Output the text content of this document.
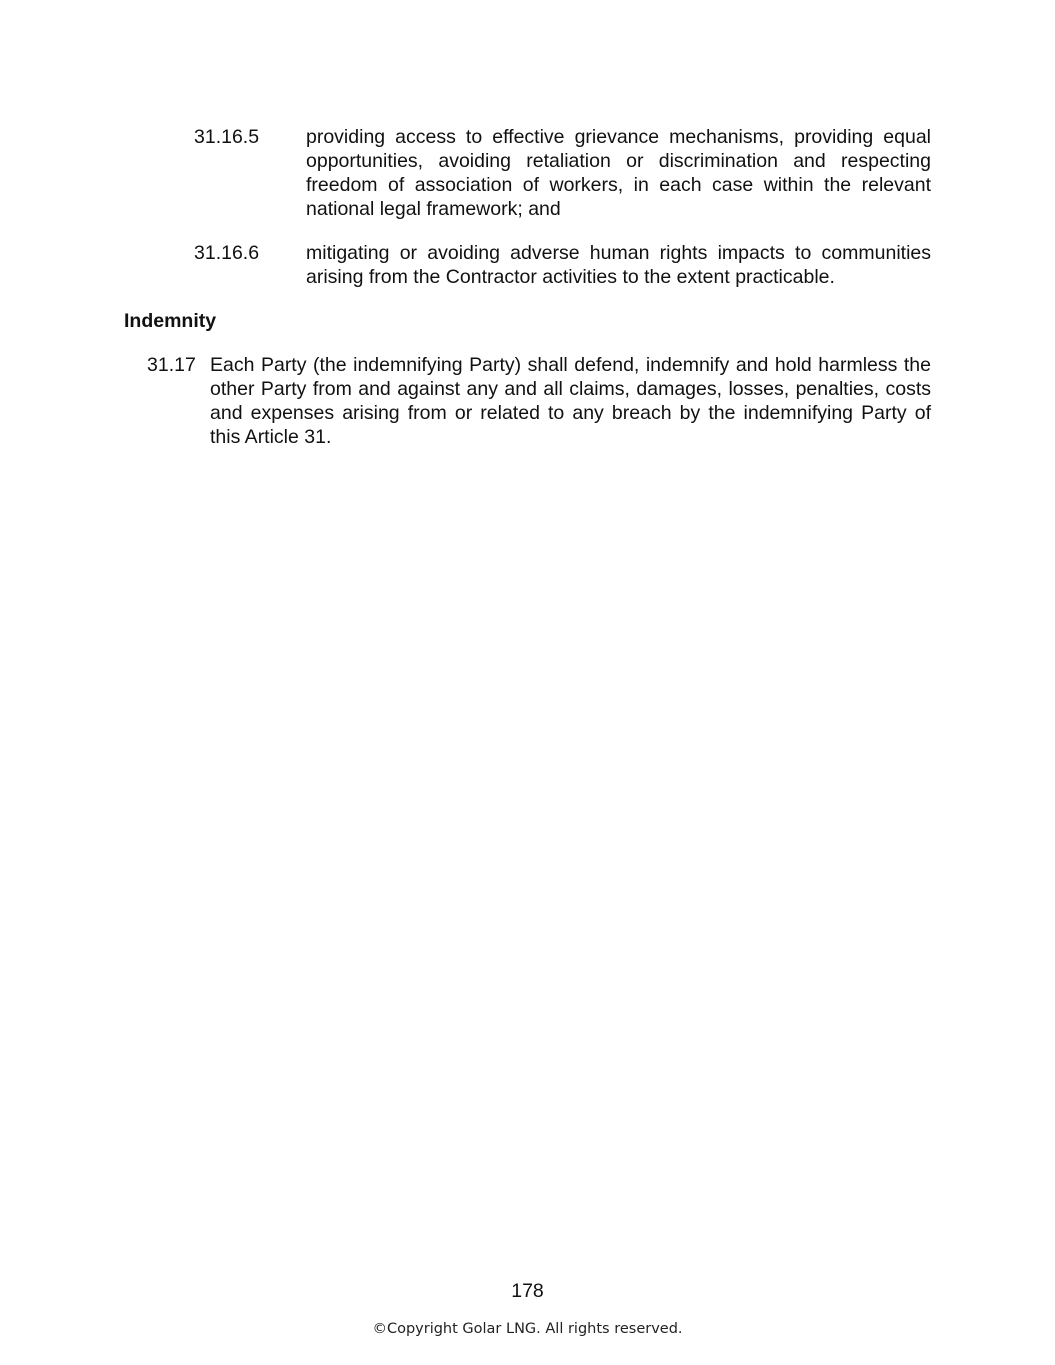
31.16.5 providing access to effective grievance mechanisms, providing equal opportunities, avoiding retaliation or discrimination and respecting freedom of association of workers, in each case within the relevant national legal framework; and
31.16.6 mitigating or avoiding adverse human rights impacts to communities arising from the Contractor activities to the extent practicable.
Indemnity
31.17 Each Party (the indemnifying Party) shall defend, indemnify and hold harmless the other Party from and against any and all claims, damages, losses, penalties, costs and expenses arising from or related to any breach by the indemnifying Party of this Article 31.
178
©Copyright Golar LNG. All rights reserved.
